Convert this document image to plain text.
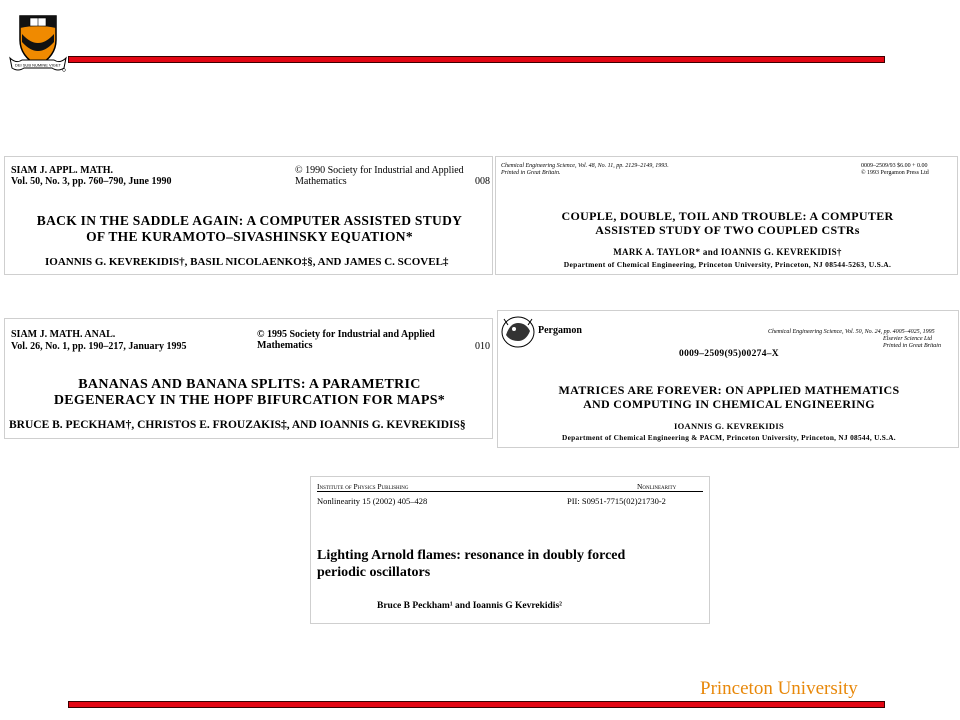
DEI SUB NUMINE VIGET
SIAM J. APPL. MATH.
Vol. 50, No. 3, pp. 760–790, June 1990
© 1990 Society for Industrial and Applied Mathematics	008
BACK IN THE SADDLE AGAIN: A COMPUTER ASSISTED STUDY
OF THE KURAMOTO–SIVASHINSKY EQUATION*
IOANNIS G. KEVREKIDIS†, BASIL NICOLAENKO‡§, AND JAMES C. SCOVEL‡
Chemical Engineering Science, Vol. 48, No. 11, pp. 2129–2149, 1993.
Printed in Great Britain.
0009–2509/93 $6.00 + 0.00
© 1993 Pergamon Press Ltd
COUPLE, DOUBLE, TOIL AND TROUBLE: A COMPUTER
ASSISTED STUDY OF TWO COUPLED CSTRs
MARK A. TAYLOR* and IOANNIS G. KEVREKIDIS†
Department of Chemical Engineering, Princeton University, Princeton, NJ 08544-5263, U.S.A.
SIAM J. MATH. ANAL.
Vol. 26, No. 1, pp. 190–217, January 1995
© 1995 Society for Industrial and Applied Mathematics	010
BANANAS AND BANANA SPLITS: A PARAMETRIC
DEGENERACY IN THE HOPF BIFURCATION FOR MAPS*
BRUCE B. PECKHAM†, CHRISTOS E. FROUZAKIS‡, AND IOANNIS G. KEVREKIDIS§
Pergamon	Chemical Engineering Science, Vol. 50, No. 24, pp. 4005–4025, 1995
Elsevier Science Ltd
Printed in Great Britain
0009–2509(95)00274–X
MATRICES ARE FOREVER: ON APPLIED MATHEMATICS
AND COMPUTING IN CHEMICAL ENGINEERING
IOANNIS G. KEVREKIDIS
Department of Chemical Engineering & PACM, Princeton University, Princeton, NJ 08544, U.S.A.
Institute of Physics Publishing	Nonlinearity
Nonlinearity 15 (2002) 405–428	PII: S0951-7715(02)21730-2
Lighting Arnold flames: resonance in doubly forced
periodic oscillators
Bruce B Peckham¹ and Ioannis G Kevrekidis²
Princeton University
